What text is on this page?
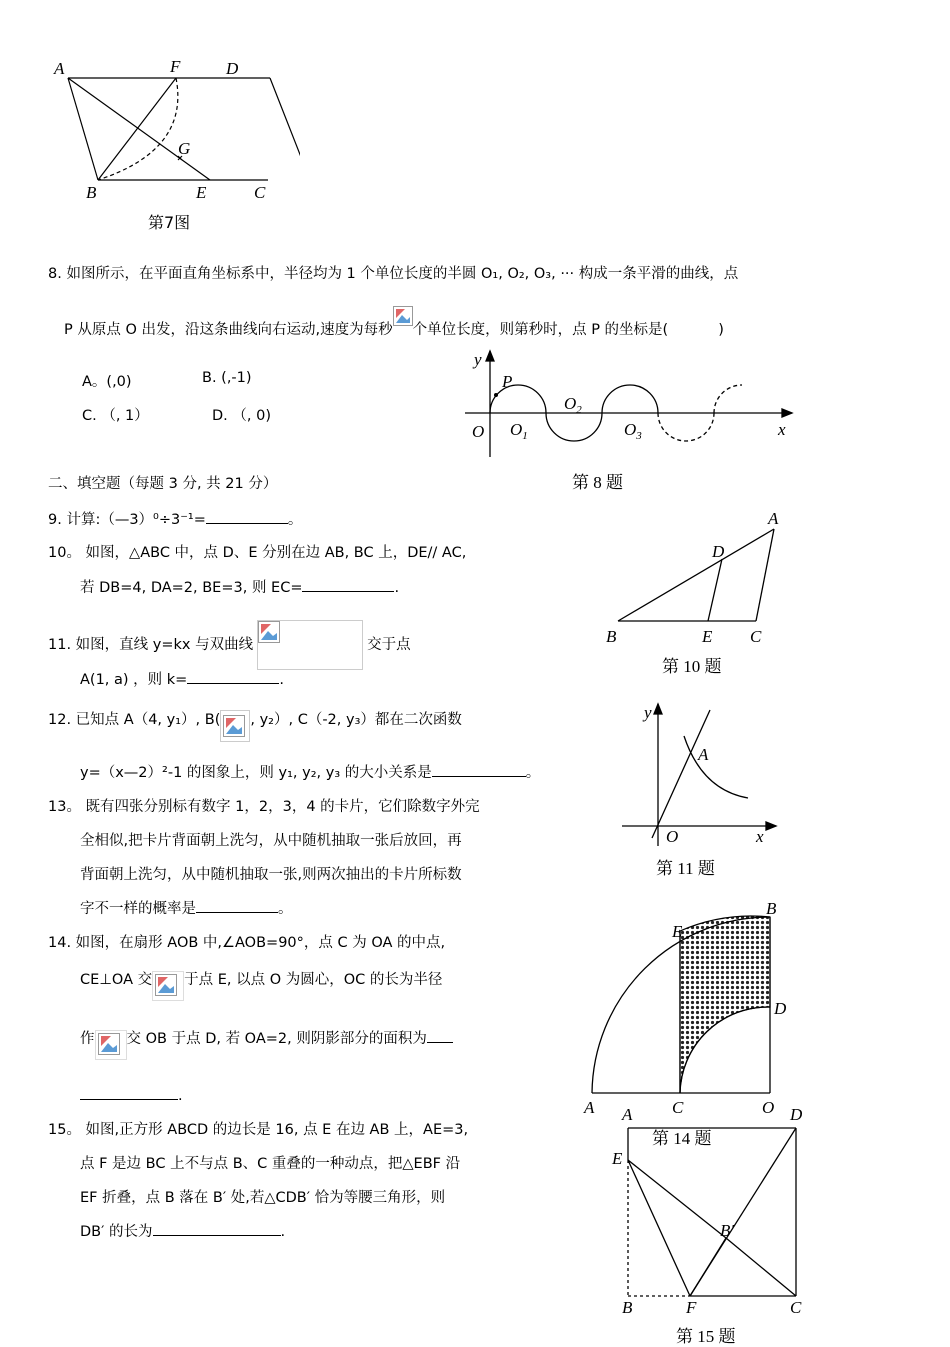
A	F	D
G
B	E	C
第7图
8. 如图所示，在平面直角坐标系中，半径均为 1 个单位长度的半圆 O₁, O₂, O₃, ··· 构成一条平滑的曲线，点
P 从原点 O 出发，沿这条曲线向右运动,速度为每秒 个单位长度，则第秒时，点 P 的坐标是(	)
A。(,0)	B. (,-1)
C. （, 1）	D. （, 0)
y
P
$O_2$
O $O_1$	$O_3$	x
第 8 题
二、填空题（每题 3 分, 共 21 分）
9. 计算:（—3）⁰÷3⁻¹=	。
10。 如图，△ABC 中，点 D、E 分别在边 AB, BC 上，DE// AC,
若 DB=4, DA=2, BE=3, 则 EC=	.
A
D
B	E C
第 10 题
11. 如图，直线 y=kx 与双曲线	交于点
A(1, a) ，则 k=	.
y
A
O	x
第 11 题
12. 已知点 A（4, y₁）, B( , y₂）, C（-2, y₃）都在二次函数
y=（x—2）²-1 的图象上，则 y₁, y₂, y₃ 的大小关系是	。
13。 既有四张分别标有数字 1，2，3，4 的卡片，它们除数字外完
全相似,把卡片背面朝上洗匀，从中随机抽取一张后放回，再
背面朝上洗匀，从中随机抽取一张,则两次抽出的卡片所标数
字不一样的概率是	。
14. 如图，在扇形 AOB 中,∠AOB=90°，点 C 为 OA 的中点,
CE⊥OA 交 于点 E, 以点 O 为圆心，OC 的长为半径
作 交 OB 于点 D, 若 OA=2, 则阴影部分的面积为
.
E
B
D
A	C	O
第 14 题
15。 如图,正方形 ABCD 的边长是 16, 点 E 在边 AB 上，AE=3,
点 F 是边 BC 上不与点 B、C 重叠的一种动点，把△EBF 沿
EF 折叠，点 B 落在 B′ 处,若△CDB′ 恰为等腰三角形，则
DB′ 的长为	.
A	D
E
B′
B	F	C
第 15 题
